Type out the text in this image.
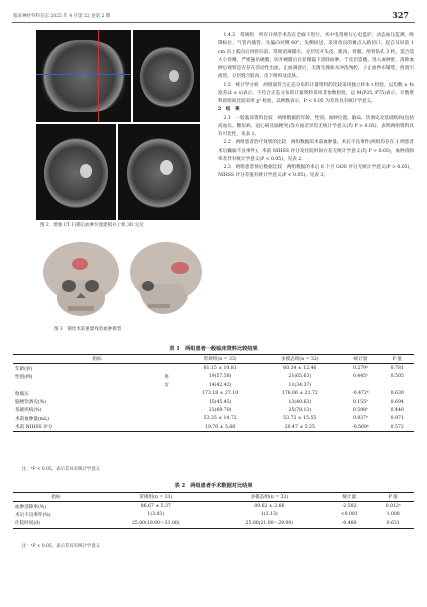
临床神经外科杂志 2025 年 4 月第 22 卷第 2 期	327
图 2　增强 CT 扫描后血肿位置建模并上机 3D 定位
图 3　钢丝术前重建残余血肿模型

1.4.2　常规组　所有开颅手术均在全麻下进行，术中电常规行心电监护，动态血压监测，吸降标位，气管内插管。头偏向对侧 60°，头侧回送，采用改良的翼点入路切口，起自耳屏前 1 cm 向上弧向后再折向前。常规消毒铺巾，分层切开头皮、肌肉、骨膜，颅骨钻孔 3 枚，造合适大小骨瓣，严密悬吊硬膜，切开硬膜后在显微镜下清除血肿，于皮层造瘘，进入血肿腔，清除血肿后观察是否存在活动性出血，止血满意后，无菌生理盐水冲洗残腔，子止血纱布铺垫，放置引流管，分层缝合肌肉，皮下组织及皮肤。

1.5　统计学分析　两组间符合正态分布的计量资料的比较采用独立样本 t 检验，以均数 ± 标准差(x̄ ± s)表示，不符合正态分布的计量资料采用非参数检验，以 M(P25, P75)表示，计数资料的组间比较采用 χ² 检验，以例数表示，P < 0.05 为差异具有统计学意义。

2　结　果

2.1　一般临床资料比较　两组数据的年龄、性别、血肿位置、脑疝、饮酒史及基础疾病(包括高血压、糖尿病、冠心病及脑梗死)等方面差异均无统计学意义(均 P > 0.05)，表明两组资料具有可比性，见表 1。

2.2　两组患者治疗效果的比较　两组数据的术前血肿量、术后不良事件(两组均存在 1 例患者术后癫痫不良事件)，术前 NIHSS 评分及住院时间方差无统计学意义(均 P > 0.05)，血肿清除率差异有统计学意义(P < 0.05)。见表 2。

2.3　两组患者预后数据比较　两组数据的术后 6 个月 GOS 评分无统计学意义(P > 0.05)，NIHSS 评分差值有统计学意义(P < 0.05)。见表 3。

表 1　两组患者一般临床资料比较结果
指标		常规组(n = 33)	多模态组(n = 32)	统计量	P 值
年龄(岁)		61.15 ± 10.81	60.34 ± 12.46	0.279ᵃ	0.781
性别(例)	男	19(57.58)	21(65.63)	0.445ᵇ	0.505
	女	14(42.42)	11(34.37)		
收缩压		173.18 ± 27.10	176.06 ± 21.72	-0.472ᵃ	0.639
脑梗饮酒史(%)		15(45.45)	13(40.63)	0.155ᵇ	0.694
基础疾病(%)		23(69.70)	25(78.13)	0.598ᵇ	0.440
术前血肿量(mL)		53.35 ± 14.72	53.72 ± 15.55	0.037ᵃ	0.971
术前 NIHSS 评分		19.70 ± 5.68	20.47 ± 5.25	-0.569ᵃ	0.572
注：ᵃP < 0.05，表示差异有统计学意义
表 2　两组患者手术数据对比结果
指标	常规组(n = 33)	多模态组(n = 32)	统计量	P 值
血肿清除率(%)	86.67 ± 5.37	89.62 ± 3.66	-2.582	0.012ᵃ
术后不良事件(%)	1(3.03)	1(3.13)	<0.001	1.000
住院时间(d)	25.00(19.00～31.00)	25.00(21.00～29.00)	-0.480	0.631
注：ᵃP < 0.05，表示差异有统计学意义
